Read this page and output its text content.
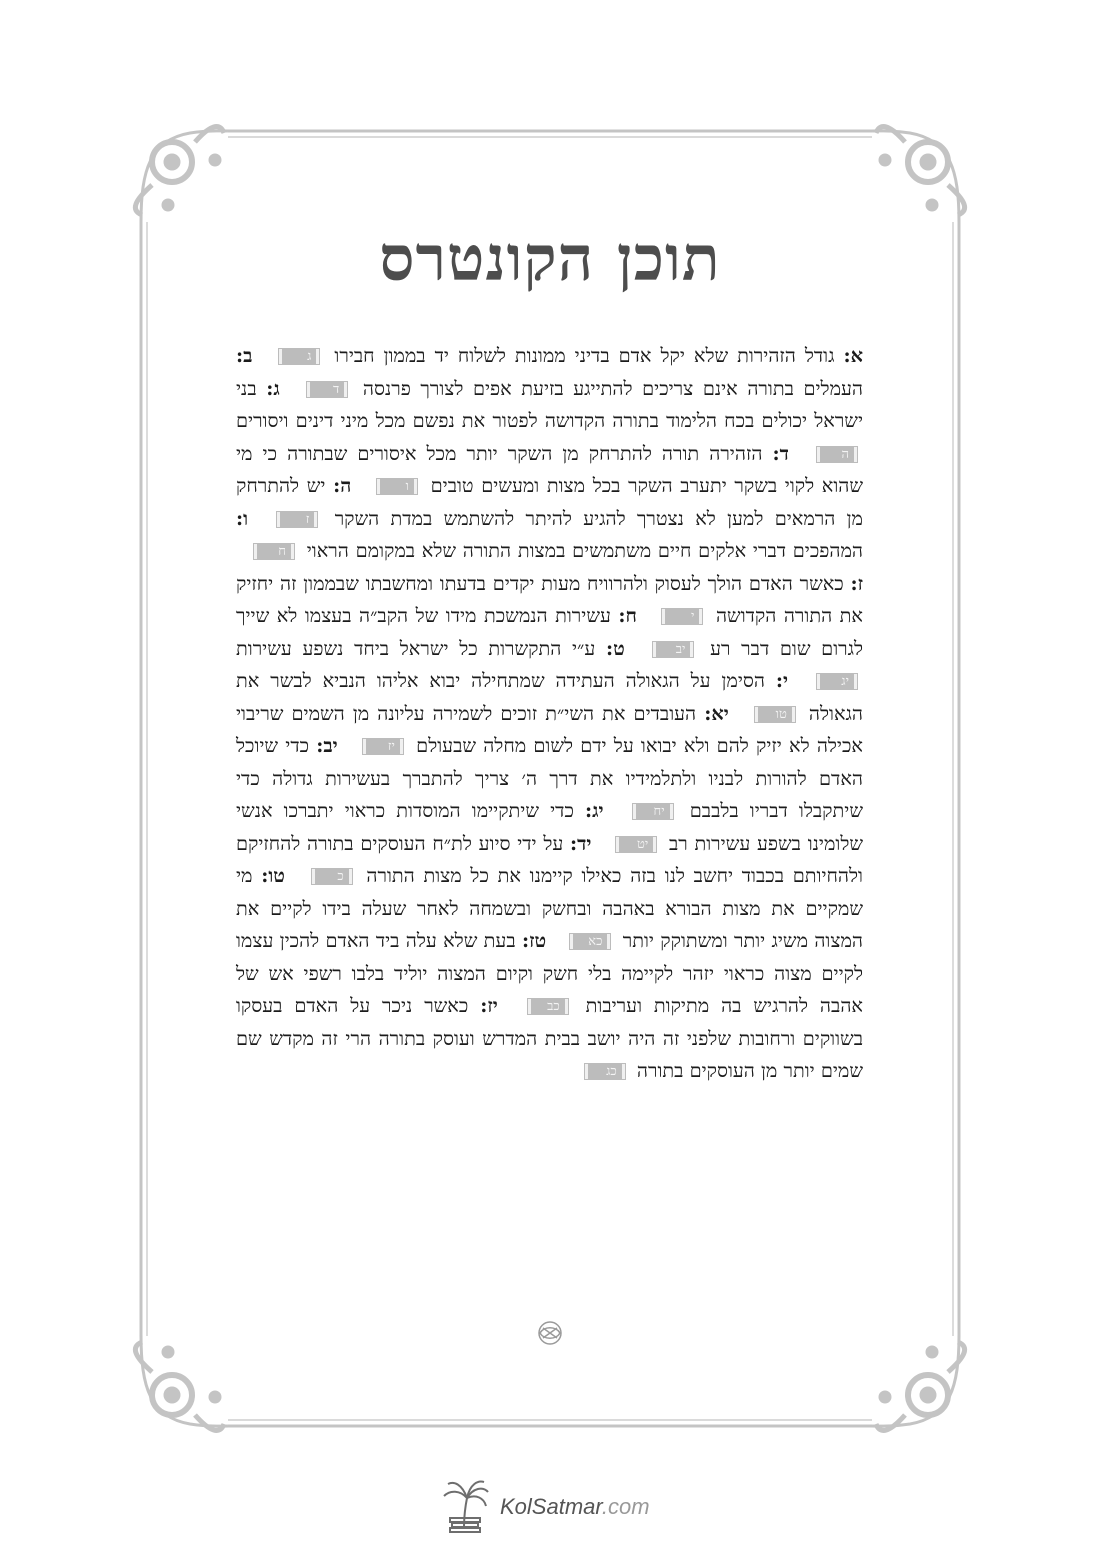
תוכן הקונטרס

א: גודל הזהירות שלא יקל אדם בדיני ממונות לשלוח יד בממון חבירו ג ב: העמלים בתורה אינם צריכים להתייגע בזיעת אפים לצורך פרנסה ד ג: בני ישראל יכולים בכח הלימוד בתורה הקדושה לפטור את נפשם מכל מיני דינים ויסורים ה ד: הזהירה תורה להתרחק מן השקר יותר מכל איסורים שבתורה כי מי שהוא לקוי בשקר יתערב השקר בכל מצות ומעשים טובים ו ה: יש להתרחק מן הרמאים למען לא נצטרך להגיע להיתר להשתמש במדת השקר ז ו: המהפכים דברי אלקים חיים משתמשים במצות התורה שלא במקומם הראוי ח ז: כאשר האדם הולך לעסוק ולהרוויח מעות יקדים בדעתו ומחשבתו שבממון זה יחזיק את התורה הקדושה י ח: עשירות הנמשכת מידו של הקב״ה בעצמו לא שייך לגרום שום דבר רע יב ט: ע״י התקשרות כל ישראל ביחד נשפע עשירות יג י: הסימן על הגאולה העתידה שמתחילה יבוא אליהו הנביא לבשר את הגאולה טו יא: העובדים את השי״ת זוכים לשמירה עליונה מן השמים שריבוי אכילה לא יזיק להם ולא יבואו על ידם לשום מחלה שבעולם יז יב: כדי שיוכל האדם להורות לבניו ולתלמידיו את דרך ה׳ צריך להתברך בעשירות גדולה כדי שיתקבלו דבריו בלבבם יח יג: כדי שיתקיימו המוסדות כראוי יתברכו אנשי שלומינו בשפע עשירות רב יט יד: על ידי סיוע לת״ח העוסקים בתורה להחזיקם ולהחיותם בכבוד יחשב לנו בזה כאילו קיימנו את כל מצות התורה כ טו: מי שמקיים את מצות הבורא באהבה ובחשק ובשמחה לאחר שעלה בידו לקיים את המצוה משיג יותר ומשתוקק יותר כא טז: בעת שלא עלה ביד האדם להכין עצמו לקיים מצוה כראוי יזהר לקיימה בלי חשק וקיום המצוה יוליד בלבו רשפי אש של אהבה להרגיש בה מתיקות ועריבות כב יז: כאשר ניכר על האדם בעסקו בשווקים ורחובות שלפני זה היה יושב בבית המדרש ועוסק בתורה הרי זה מקדש שם שמים יותר מן העוסקים בתורה כג

KolSatmar.com
